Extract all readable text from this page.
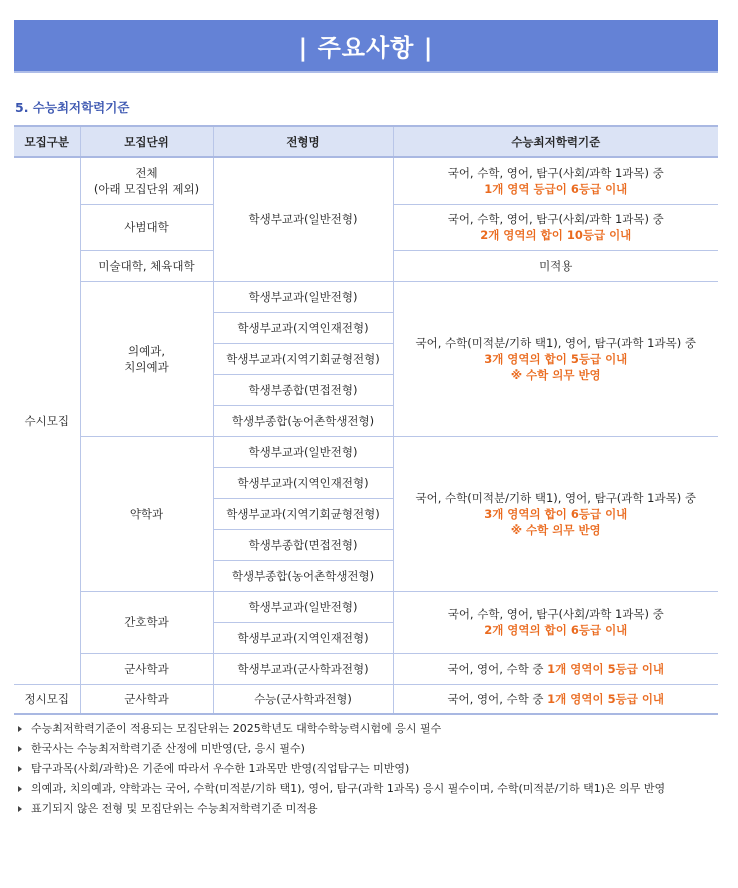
| 주요사항 |
5. 수능최저학력기준
모집구분	모집단위	전형명	수능최저학력기준
수시모집	전체
(아래 모집단위 제외)	학생부교과(일반전형)	국어, 수학, 영어, 탐구(사회/과학 1과목) 중
1개 영역 등급이 6등급 이내

	사범대학		국어, 수학, 영어, 탐구(사회/과학 1과목) 중
2개 영역의 합이 10등급 이내

	미술대학, 체육대학		미적용

	의예과,
치의예과	학생부교과(일반전형)	국어, 수학(미적분/기하 택1), 영어, 탐구(과학 1과목) 중
3개 영역의 합이 5등급 이내
※ 수학 의무 반영

		학생부교과(지역인재전형)	
		학생부교과(지역기회균형전형)	
		학생부종합(면접전형)	
		학생부종합(농어촌학생전형)	
	약학과	학생부교과(일반전형)	국어, 수학(미적분/기하 택1), 영어, 탐구(과학 1과목) 중
3개 영역의 합이 6등급 이내
※ 수학 의무 반영

		학생부교과(지역인재전형)	
		학생부교과(지역기회균형전형)	
		학생부종합(면접전형)	
		학생부종합(농어촌학생전형)	
	간호학과	학생부교과(일반전형)	국어, 수학, 영어, 탐구(사회/과학 1과목) 중
2개 영역의 합이 6등급 이내

		학생부교과(지역인재전형)	
	군사학과	학생부교과(군사학과전형)	국어, 영어, 수학 중 1개 영역이 5등급 이내
정시모집	군사학과	수능(군사학과전형)	국어, 영어, 수학 중 1개 영역이 5등급 이내
수능최저학력기준이 적용되는 모집단위는 2025학년도 대학수학능력시험에 응시 필수
한국사는 수능최저학력기준 산정에 미반영(단, 응시 필수)
탐구과목(사회/과학)은 기준에 따라서 우수한 1과목만 반영(직업탐구는 미반영)
의예과, 치의예과, 약학과는 국어, 수학(미적분/기하 택1), 영어, 탐구(과학 1과목) 응시 필수이며, 수학(미적분/기하 택1)은 의무 반영
표기되지 않은 전형 및 모집단위는 수능최저학력기준 미적용
